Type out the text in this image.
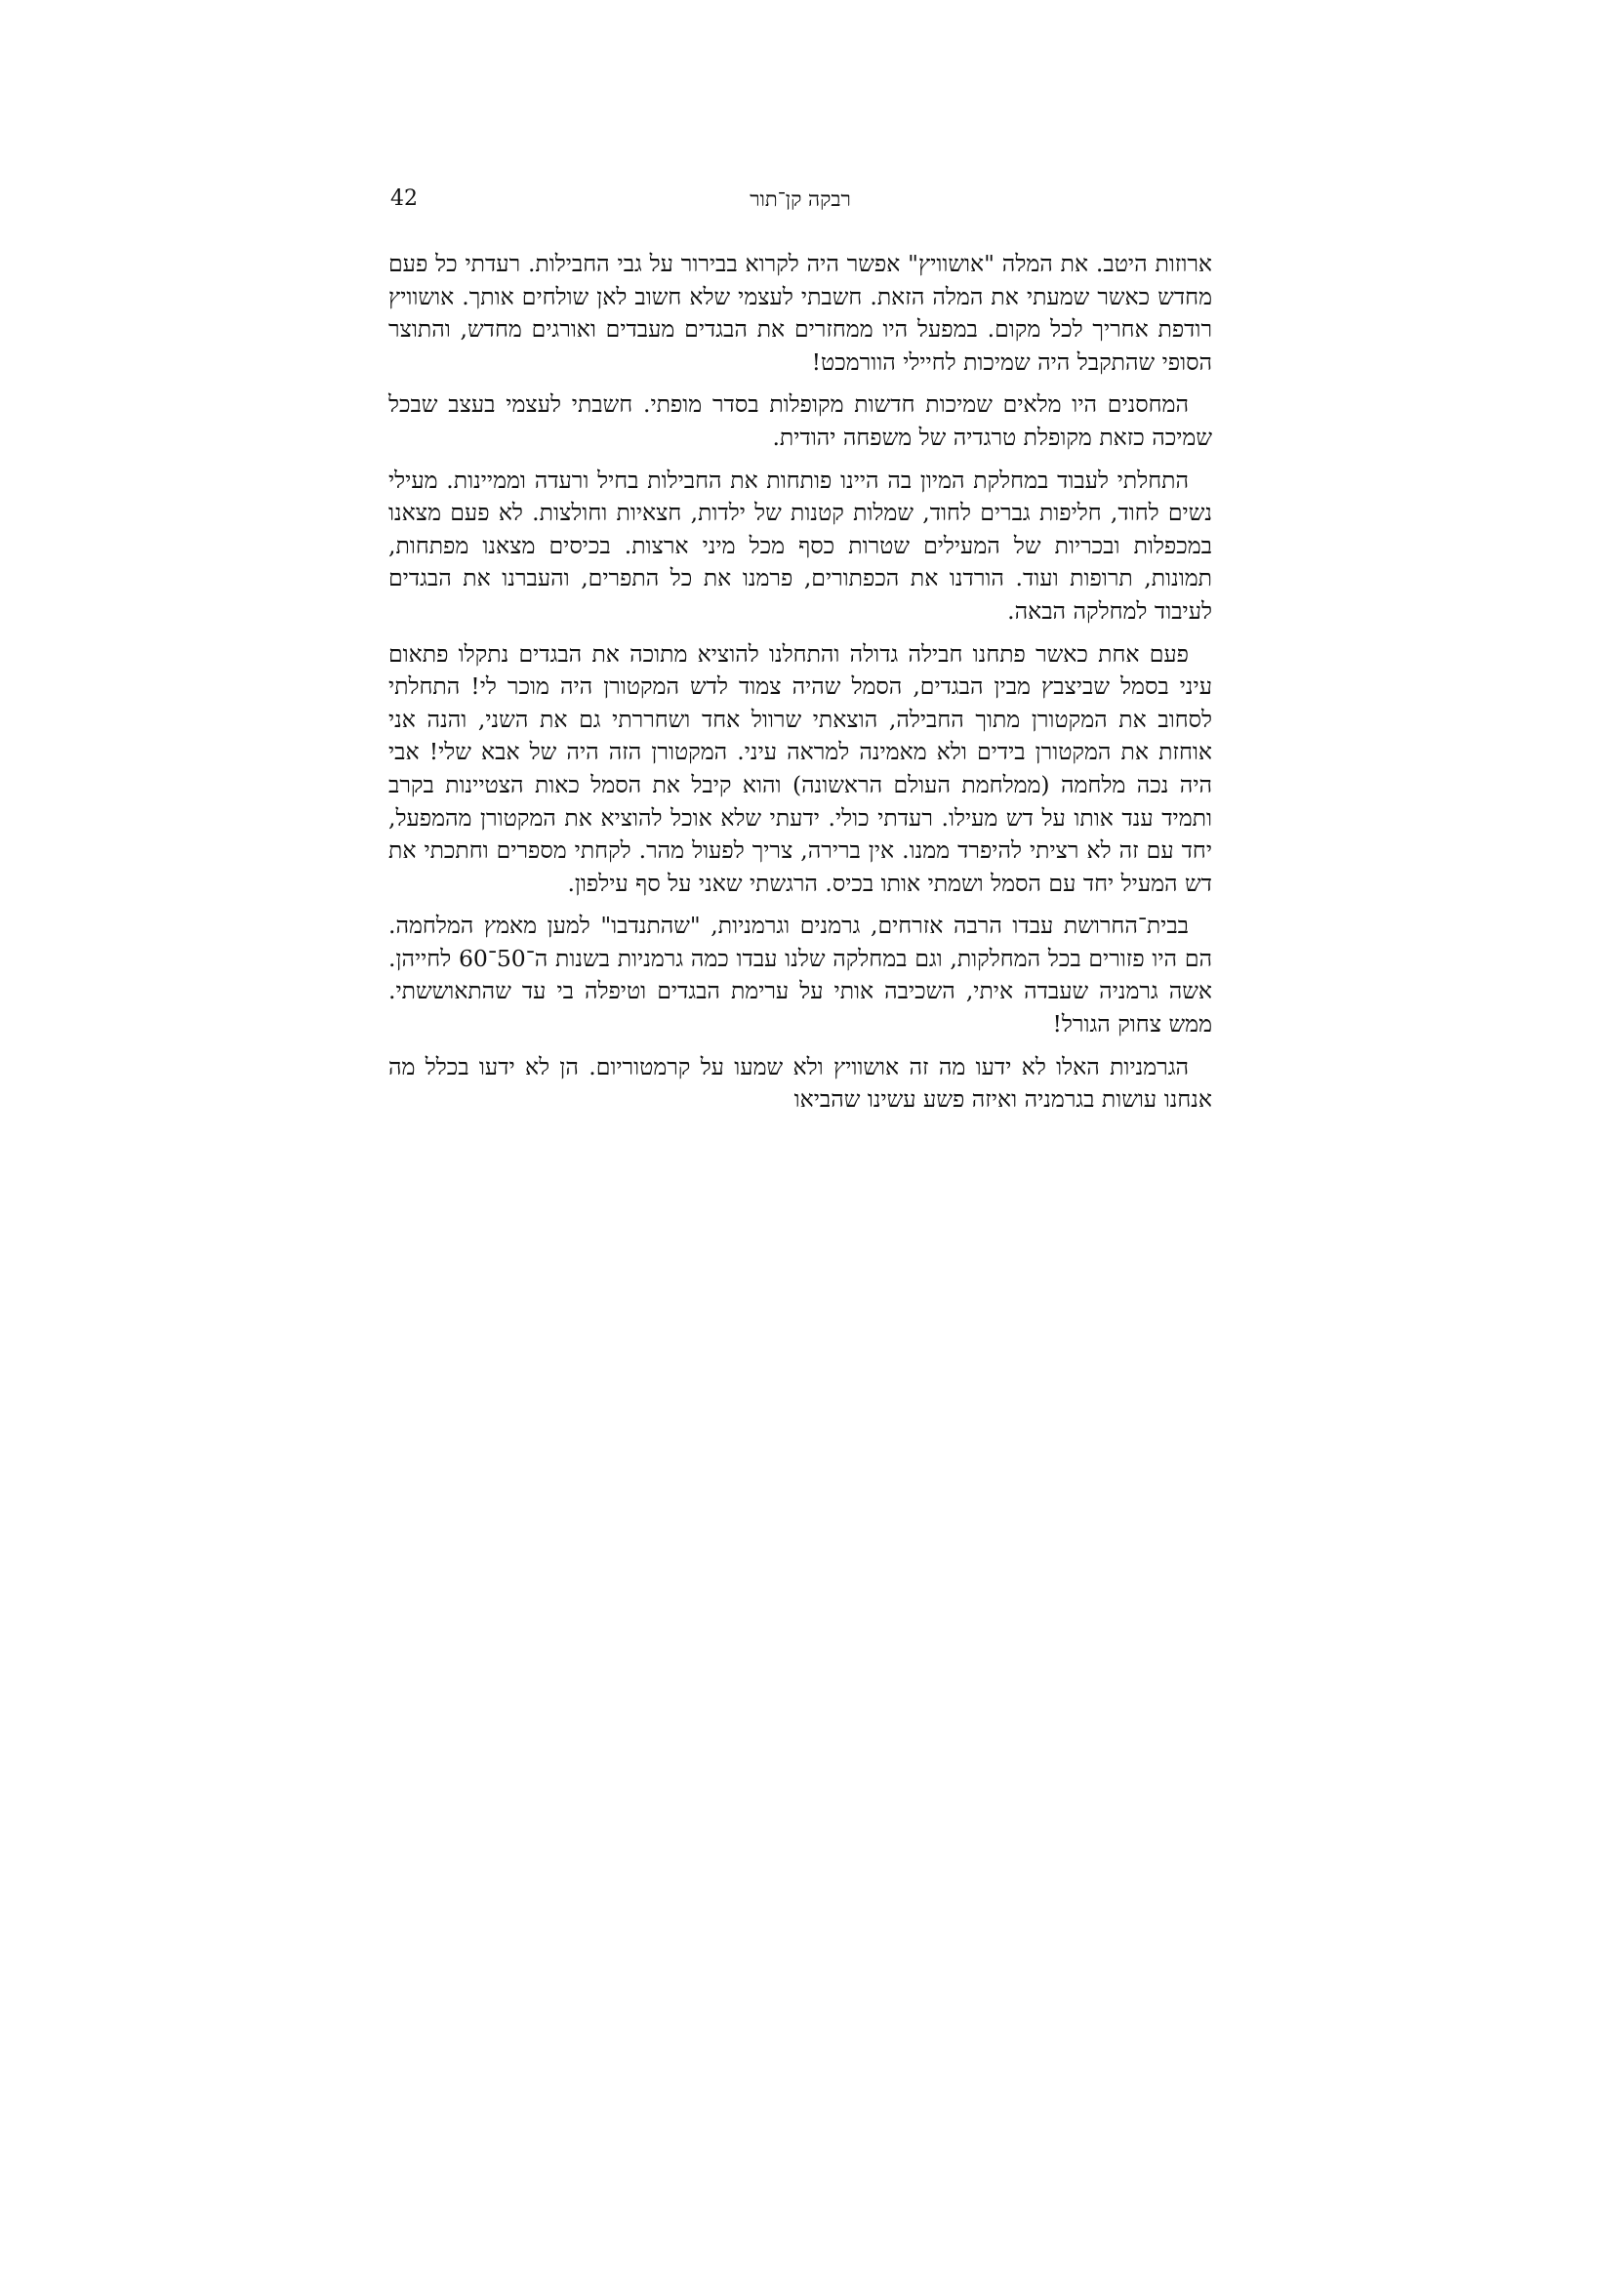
42	רבקה קן־תור

ארוזות היטב. את המלה "אושוויץ" אפשר היה לקרוא בבירור על גבי החבילות. רעדתי כל פעם מחדש כאשר שמעתי את המלה הזאת. חשבתי לעצמי שלא חשוב לאן שולחים אותך. אושוויץ רודפת אחריך לכל מקום. במפעל היו ממחזרים את הבגדים מעבדים ואורגים מחדש, והתוצר הסופי שהתקבל היה שמיכות לחיילי הוורמכט!

המחסנים היו מלאים שמיכות חדשות מקופלות בסדר מופתי. חשבתי לעצמי בעצב שבכל שמיכה כזאת מקופלת טרגדיה של משפחה יהודית.

התחלתי לעבוד במחלקת המיון בה היינו פותחות את החבילות בחיל ורעדה וממיינות. מעילי נשים לחוד, חליפות גברים לחוד, שמלות קטנות של ילדות, חצאיות וחולצות. לא פעם מצאנו במכפלות ובכריות של המעילים שטרות כסף מכל מיני ארצות. בכיסים מצאנו מפתחות, תמונות, תרופות ועוד. הורדנו את הכפתורים, פרמנו את כל התפרים, והעברנו את הבגדים לעיבוד למחלקה הבאה.

פעם אחת כאשר פתחנו חבילה גדולה והתחלנו להוציא מתוכה את הבגדים נתקלו פתאום עיני בסמל שביצבץ מבין הבגדים, הסמל שהיה צמוד לדש המקטורן היה מוכר לי! התחלתי לסחוב את המקטורן מתוך החבילה, הוצאתי שרוול אחד ושחררתי גם את השני, והנה אני אוחזת את המקטורן בידים ולא מאמינה למראה עיני. המקטורן הזה היה של אבא שלי! אבי היה נכה מלחמה (ממלחמת העולם הראשונה) והוא קיבל את הסמל כאות הצטיינות בקרב ותמיד ענד אותו על דש מעילו. רעדתי כולי. ידעתי שלא אוכל להוציא את המקטורן מהמפעל, יחד עם זה לא רציתי להיפרד ממנו. אין ברירה, צריך לפעול מהר. לקחתי מספרים וחתכתי את דש המעיל יחד עם הסמל ושמתי אותו בכיס. הרגשתי שאני על סף עילפון.

בבית־החרושת עבדו הרבה אזרחים, גרמנים וגרמניות, "שהתנדבו" למען מאמץ המלחמה. הם היו פזורים בכל המחלקות, וגם במחלקה שלנו עבדו כמה גרמניות בשנות ה־50־60 לחייהן. אשה גרמניה שעבדה איתי, השכיבה אותי על ערימת הבגדים וטיפלה בי עד שהתאוששתי. ממש צחוק הגורל!

הגרמניות האלו לא ידעו מה זה אושוויץ ולא שמעו על קרמטוריום. הן לא ידעו בכלל מה אנחנו עושות בגרמניה ואיזה פשע עשינו שהביאו
